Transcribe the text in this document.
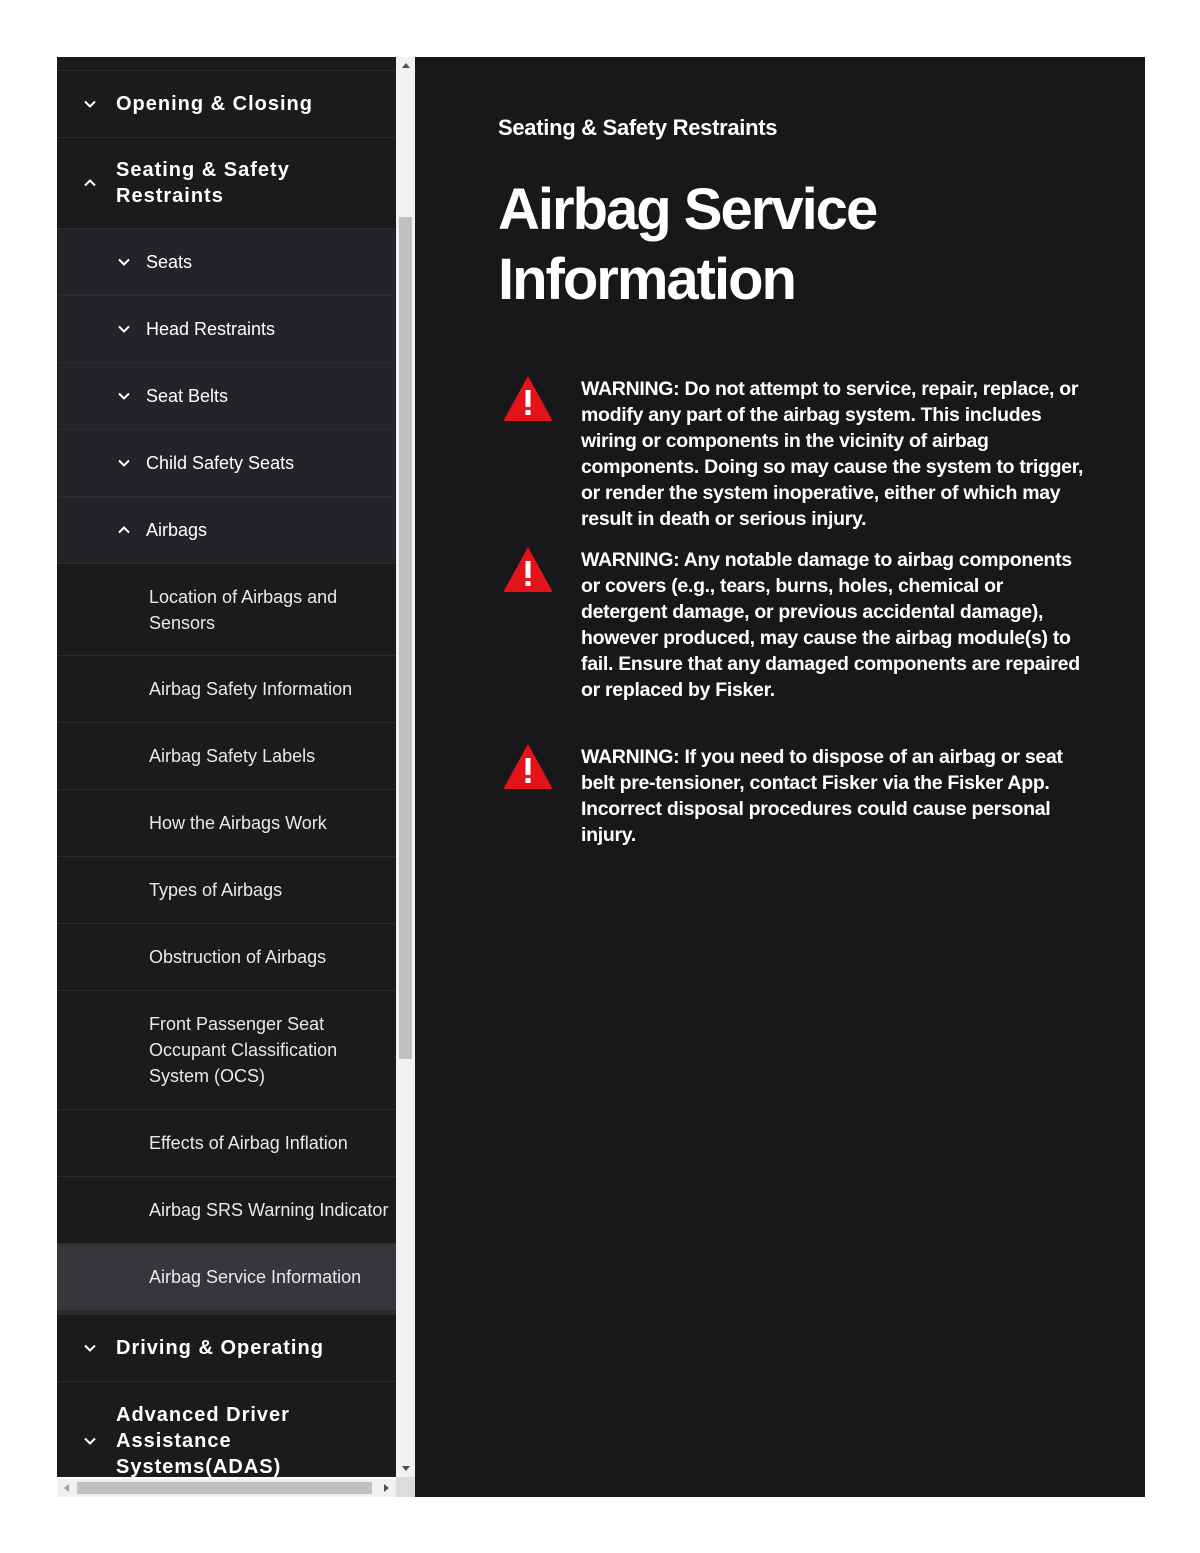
Opening & Closing
Seating & Safety Restraints
Seats
Head Restraints
Seat Belts
Child Safety Seats
Airbags
Location of Airbags and Sensors
Airbag Safety Information
Airbag Safety Labels
How the Airbags Work
Types of Airbags
Obstruction of Airbags
Front Passenger Seat Occupant Classification System (OCS)
Effects of Airbag Inflation
Airbag SRS Warning Indicator
Airbag Service Information
Driving & Operating
Advanced Driver Assistance Systems(ADAS)
Seating & Safety Restraints
Airbag Service Information

WARNING: Do not attempt to service, repair, replace, or modify any part of the airbag system. This includes wiring or components in the vicinity of airbag components. Doing so may cause the system to trigger, or render the system inoperative, either of which may result in death or serious injury.

WARNING: Any notable damage to airbag components or covers (e.g., tears, burns, holes, chemical or detergent damage, or previous accidental damage), however produced, may cause the airbag module(s) to fail. Ensure that any damaged components are repaired or replaced by Fisker.

WARNING: If you need to dispose of an airbag or seat belt pre-tensioner, contact Fisker via the Fisker App. Incorrect disposal procedures could cause personal injury.
